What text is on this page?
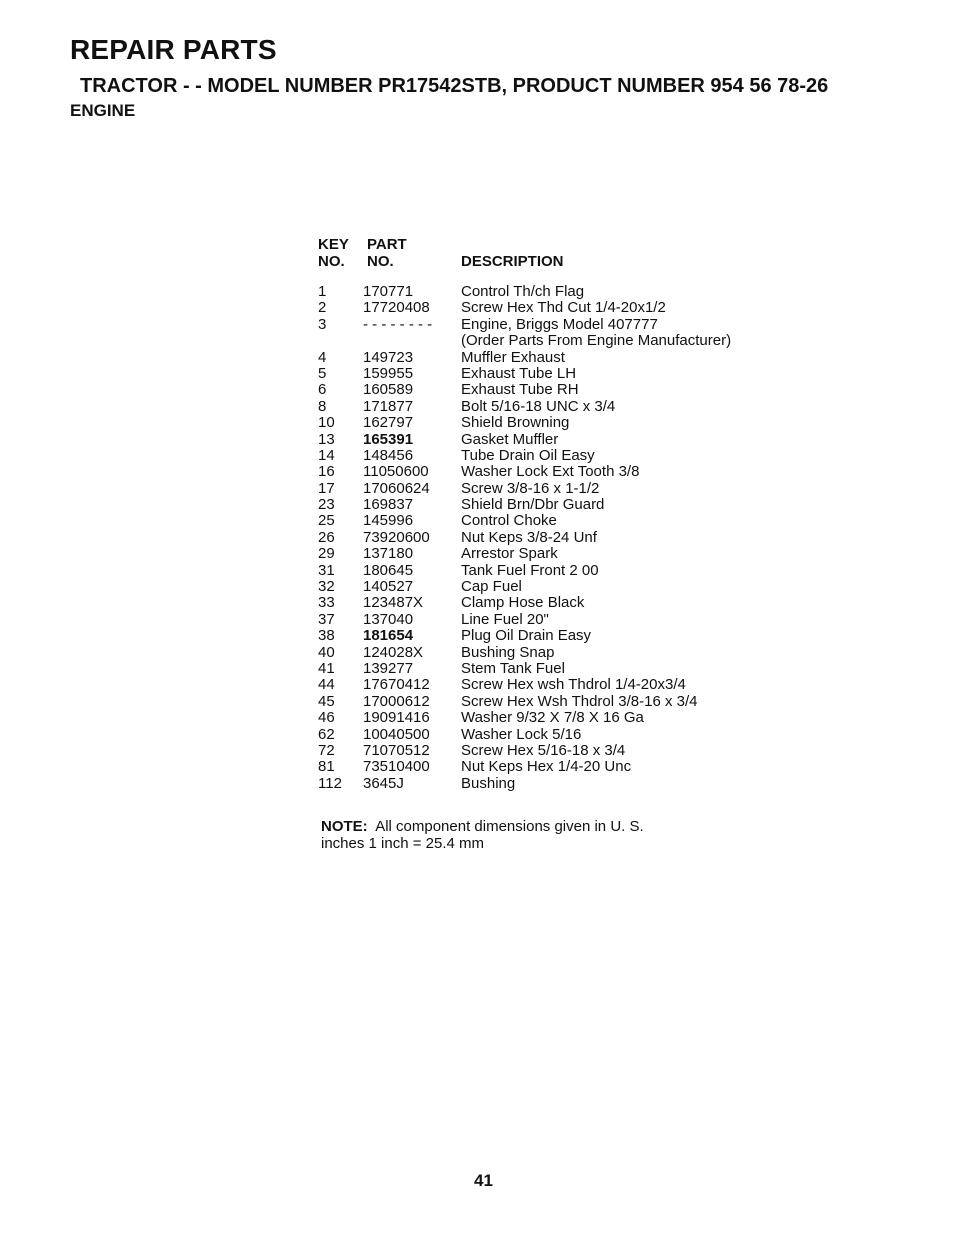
REPAIR PARTS
TRACTOR - - MODEL NUMBER PR17542STB, PRODUCT NUMBER 954 56 78-26
ENGINE
KEY PART
NO. NO.	DESCRIPTION
1 170771	Control Th/ch Flag
2 17720408 Screw Hex Thd Cut 1/4-20x1/2
3 - - - - - - - - Engine, Briggs Model 407777
(Order Parts From Engine Manufacturer)
4 149723	Muffler Exhaust
5 159955	Exhaust Tube LH
6 160589	Exhaust Tube RH
8 171877	Bolt 5/16-18 UNC x 3/4
10 162797	Shield Browning
13 165391	Gasket Muffler
14 148456	Tube Drain Oil Easy
16 11050600 Washer Lock Ext Tooth 3/8
17 17060624 Screw 3/8-16 x 1-1/2
23 169837	Shield Brn/Dbr Guard
25 145996	Control Choke
26 73920600 Nut Keps 3/8-24 Unf
29 137180	Arrestor Spark
31 180645	Tank Fuel Front 2 00
32 140527	Cap Fuel
33 123487X	Clamp Hose Black
37 137040	Line Fuel 20"
38 181654	Plug Oil Drain Easy
40 124028X	Bushing Snap
41 139277	Stem Tank Fuel
44 17670412 Screw Hex wsh Thdrol 1/4-20x3/4
45 17000612 Screw Hex Wsh Thdrol 3/8-16 x 3/4
46 19091416 Washer 9/32 X 7/8 X 16 Ga
62 10040500 Washer Lock 5/16
72 71070512 Screw Hex 5/16-18 x 3/4
81 73510400 Nut Keps Hex 1/4-20 Unc
112 3645J	Bushing
NOTE: All component dimensions given in U. S.
inches 1 inch = 25.4 mm
41
